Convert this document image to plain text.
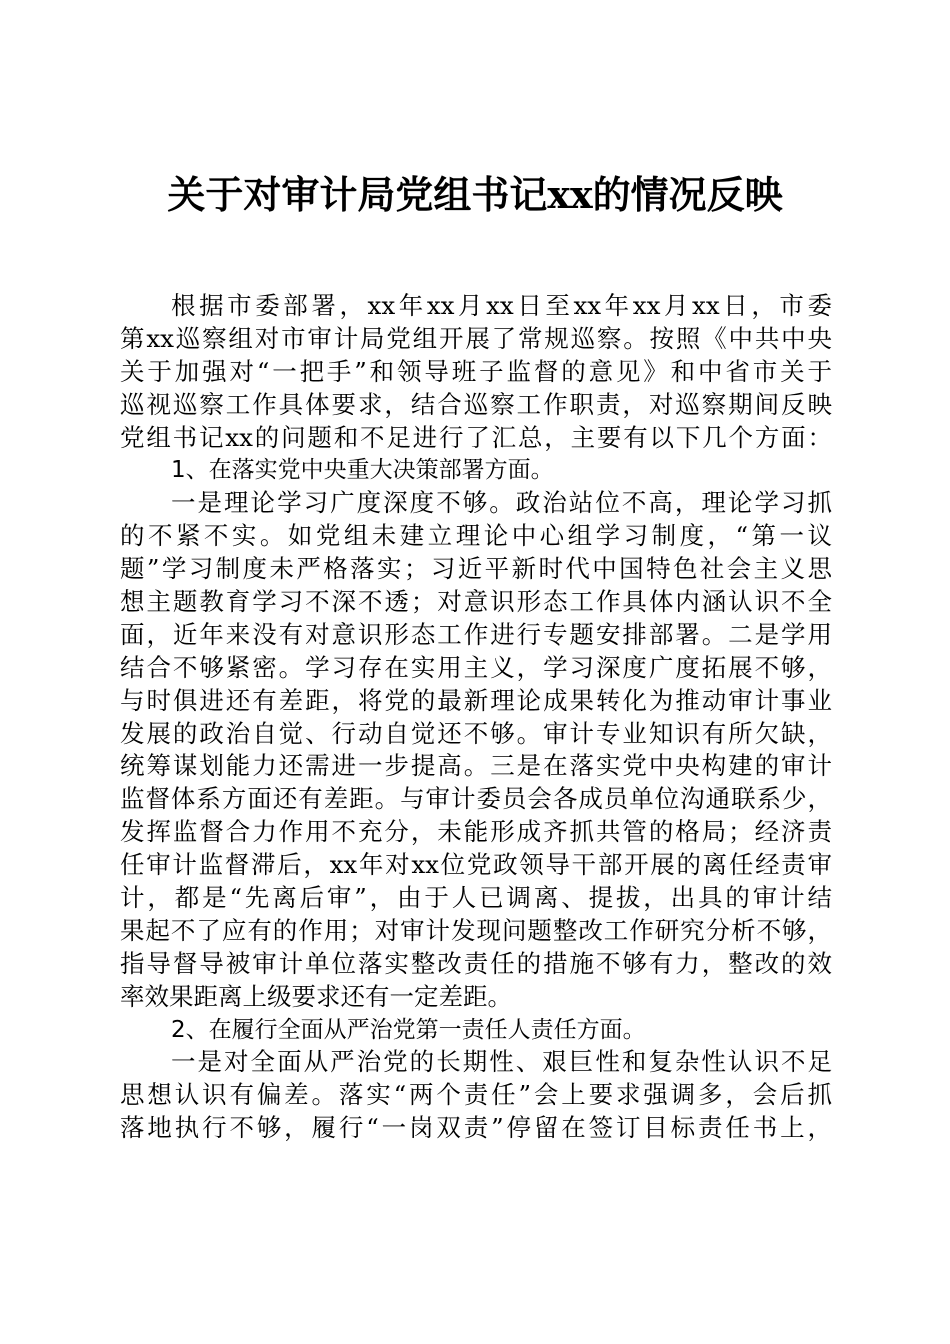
关于对审计局党组书记xx的情况反映
根据市委部署，xx年xx月xx日至xx年xx月xx日，市委
第xx巡察组对市审计局党组开展了常规巡察。按照《中共中央
关于加强对“一把手”和领导班子监督的意见》和中省市关于
巡视巡察工作具体要求，结合巡察工作职责，对巡察期间反映
党组书记xx的问题和不足进行了汇总，主要有以下几个方面：
1、在落实党中央重大决策部署方面。
一是理论学习广度深度不够。政治站位不高，理论学习抓
的不紧不实。如党组未建立理论中心组学习制度，“第一议
题”学习制度未严格落实；习近平新时代中国特色社会主义思
想主题教育学习不深不透；对意识形态工作具体内涵认识不全
面，近年来没有对意识形态工作进行专题安排部署。二是学用
结合不够紧密。学习存在实用主义，学习深度广度拓展不够，
与时俱进还有差距，将党的最新理论成果转化为推动审计事业
发展的政治自觉、行动自觉还不够。审计专业知识有所欠缺，
统筹谋划能力还需进一步提高。三是在落实党中央构建的审计
监督体系方面还有差距。与审计委员会各成员单位沟通联系少，
发挥监督合力作用不充分，未能形成齐抓共管的格局；经济责
任审计监督滞后，xx年对xx位党政领导干部开展的离任经责审
计，都是“先离后审”，由于人已调离、提拔，出具的审计结
果起不了应有的作用；对审计发现问题整改工作研究分析不够，
指导督导被审计单位落实整改责任的措施不够有力，整改的效
率效果距离上级要求还有一定差距。
2、在履行全面从严治党第一责任人责任方面。
一是对全面从严治党的长期性、艰巨性和复杂性认识不足
思想认识有偏差。落实“两个责任”会上要求强调多，会后抓
落地执行不够，履行“一岗双责”停留在签订目标责任书上，
